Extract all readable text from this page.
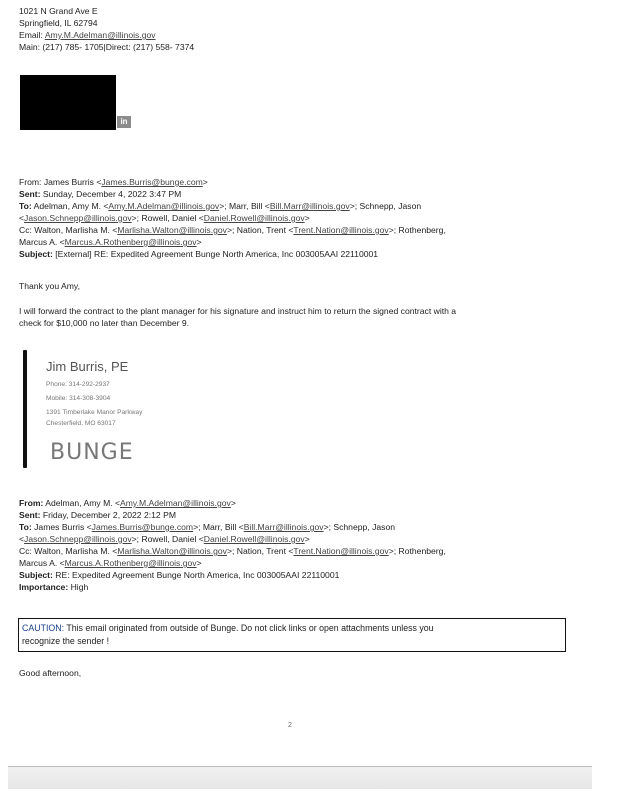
1021 N Grand Ave E
Springfield, IL 62794
Email: Amy.M.Adelman@illinois.gov
Main: (217) 785- 1705|Direct: (217) 558- 7374
in
From: James Burris <James.Burris@bunge.com>
Sent: Sunday, December 4, 2022 3:47 PM
To: Adelman, Amy M. <Amy.M.Adelman@illinois.gov>; Marr, Bill <Bill.Marr@illinois.gov>; Schnepp, Jason
<Jason.Schnepp@illinois.gov>; Rowell, Daniel <Daniel.Rowell@illinois.gov>
Cc: Walton, Marlisha M. <Marlisha.Walton@illinois.gov>; Nation, Trent <Trent.Nation@illinois.gov>; Rothenberg,
Marcus A. <Marcus.A.Rothenberg@illinois.gov>
Subject: [External] RE: Expedited Agreement Bunge North America, Inc 003005AAI 22110001
Thank you Amy,
I will forward the contract to the plant manager for his signature and instruct him to return the signed contract with a
check for $10,000 no later than December 9.
Jim Burris, PE
Phone: 314-292-2937
Mobile: 314-308-3904
1391 Timberlake Manor Parkway
Chesterfield, MO 63017
BUNGE
From: Adelman, Amy M. <Amy.M.Adelman@illinois.gov>
Sent: Friday, December 2, 2022 2:12 PM
To: James Burris <James.Burris@bunge.com>; Marr, Bill <Bill.Marr@illinois.gov>; Schnepp, Jason
<Jason.Schnepp@illinois.gov>; Rowell, Daniel <Daniel.Rowell@illinois.gov>
Cc: Walton, Marlisha M. <Marlisha.Walton@illinois.gov>; Nation, Trent <Trent.Nation@illinois.gov>; Rothenberg,
Marcus A. <Marcus.A.Rothenberg@illinois.gov>
Subject: RE: Expedited Agreement Bunge North America, Inc 003005AAI 22110001
Importance: High
CAUTION: This email originated from outside of Bunge. Do not click links or open attachments unless you
recognize the sender !
Good afternoon,
2
